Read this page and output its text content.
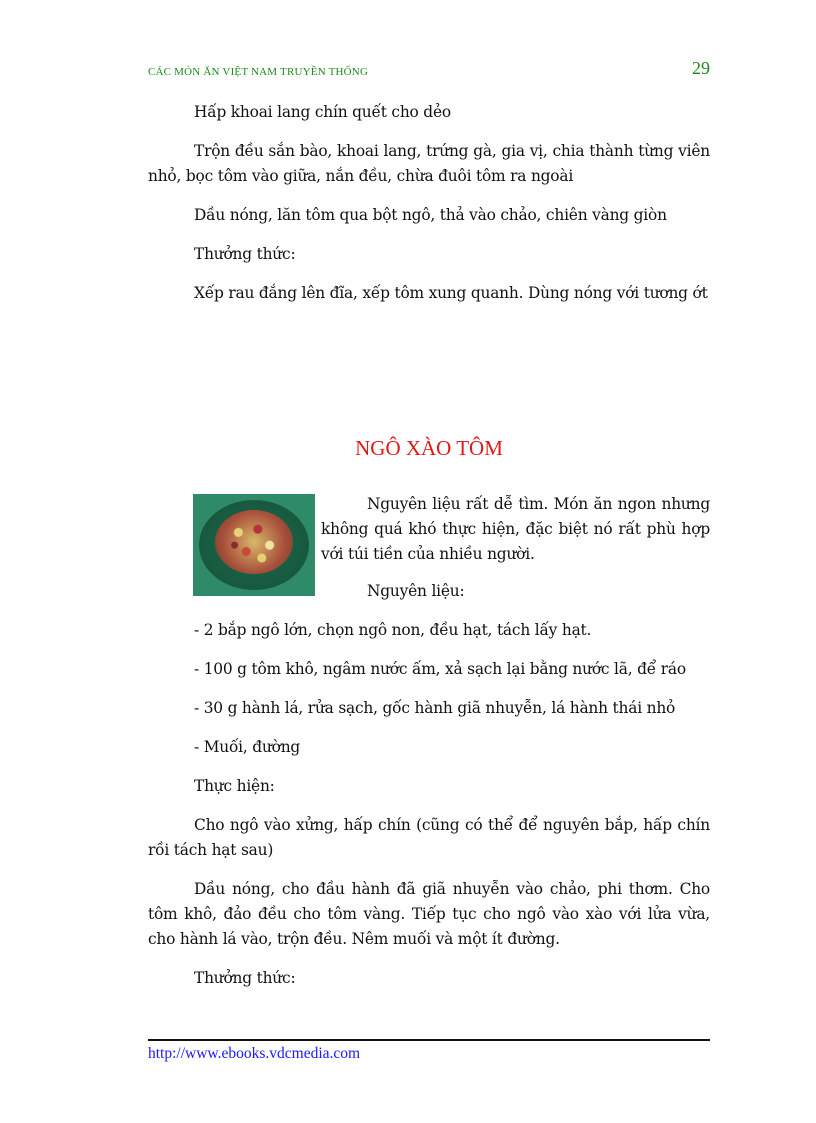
CÁC MÓN ĂN VIỆT NAM TRUYỀN THỐNG	29

Hấp khoai lang chín quết cho dẻo

Trộn đều sắn bào, khoai lang, trứng gà, gia vị, chia thành từng viên nhỏ, bọc tôm vào giữa, nắn đều, chừa đuôi tôm ra ngoài

Dầu nóng, lăn tôm qua bột ngô, thả vào chảo, chiên vàng giòn

Thưởng thức:

Xếp rau đắng lên đĩa, xếp tôm xung quanh. Dùng nóng với tương ớt

NGÔ XÀO TÔM

Nguyên liệu rất dễ tìm. Món ăn ngon nhưng không quá khó thực hiện, đặc biệt nó rất phù hợp với túi tiền của nhiều người.

Nguyên liệu:

- 2 bắp ngô lớn, chọn ngô non, đều hạt, tách lấy hạt.

- 100 g tôm khô, ngâm nước ấm, xả sạch lại bằng nước lã, để ráo

- 30 g hành lá, rửa sạch, gốc hành giã nhuyễn, lá hành thái nhỏ

- Muối, đường

Thực hiện:

Cho ngô vào xửng, hấp chín (cũng có thể để nguyên bắp, hấp chín rồi tách hạt sau)

Dầu nóng, cho đầu hành đã giã nhuyễn vào chảo, phi thơm. Cho tôm khô, đảo đều cho tôm vàng. Tiếp tục cho ngô vào xào với lửa vừa, cho hành lá vào, trộn đều. Nêm muối và một ít đường.

Thưởng thức:

http://www.ebooks.vdcmedia.com
